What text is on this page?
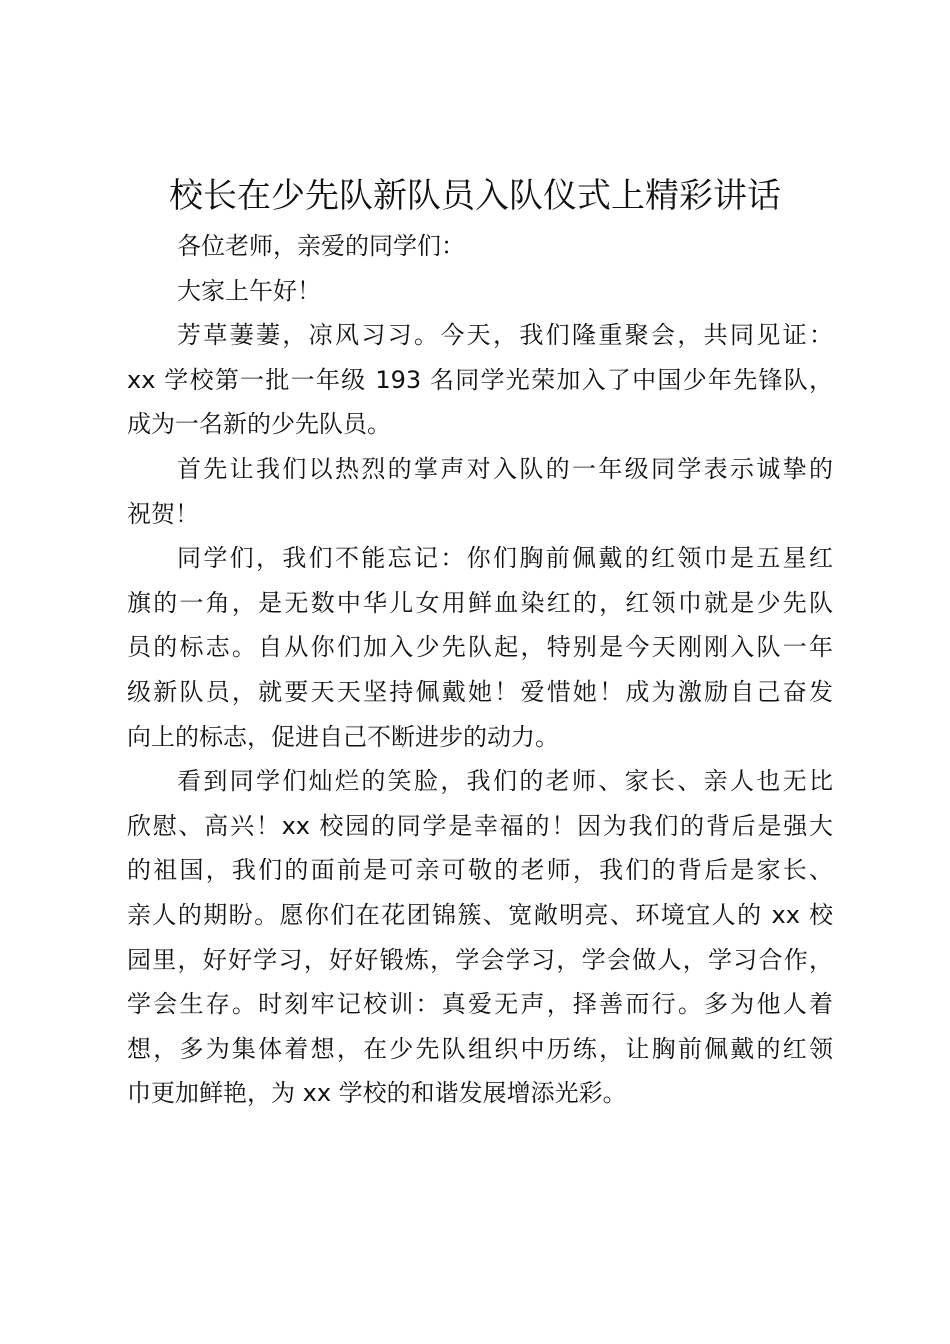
校长在少先队新队员入队仪式上精彩讲话
各位老师，亲爱的同学们：
大家上午好！
芳草萋萋，凉风习习。今天，我们隆重聚会，共同见证：
xx 学校第一批一年级 193 名同学光荣加入了中国少年先锋队，
成为一名新的少先队员。
首先让我们以热烈的掌声对入队的一年级同学表示诚挚的
祝贺！
同学们，我们不能忘记：你们胸前佩戴的红领巾是五星红
旗的一角，是无数中华儿女用鲜血染红的，红领巾就是少先队
员的标志。自从你们加入少先队起，特别是今天刚刚入队一年
级新队员，就要天天坚持佩戴她！爱惜她！成为激励自己奋发
向上的标志，促进自己不断进步的动力。
看到同学们灿烂的笑脸，我们的老师、家长、亲人也无比
欣慰、高兴！xx 校园的同学是幸福的！因为我们的背后是强大
的祖国，我们的面前是可亲可敬的老师，我们的背后是家长、
亲人的期盼。愿你们在花团锦簇、宽敞明亮、环境宜人的 xx 校
园里，好好学习，好好锻炼，学会学习，学会做人，学习合作，
学会生存。时刻牢记校训：真爱无声，择善而行。多为他人着
想，多为集体着想，在少先队组织中历练，让胸前佩戴的红领
巾更加鲜艳，为 xx 学校的和谐发展增添光彩。
